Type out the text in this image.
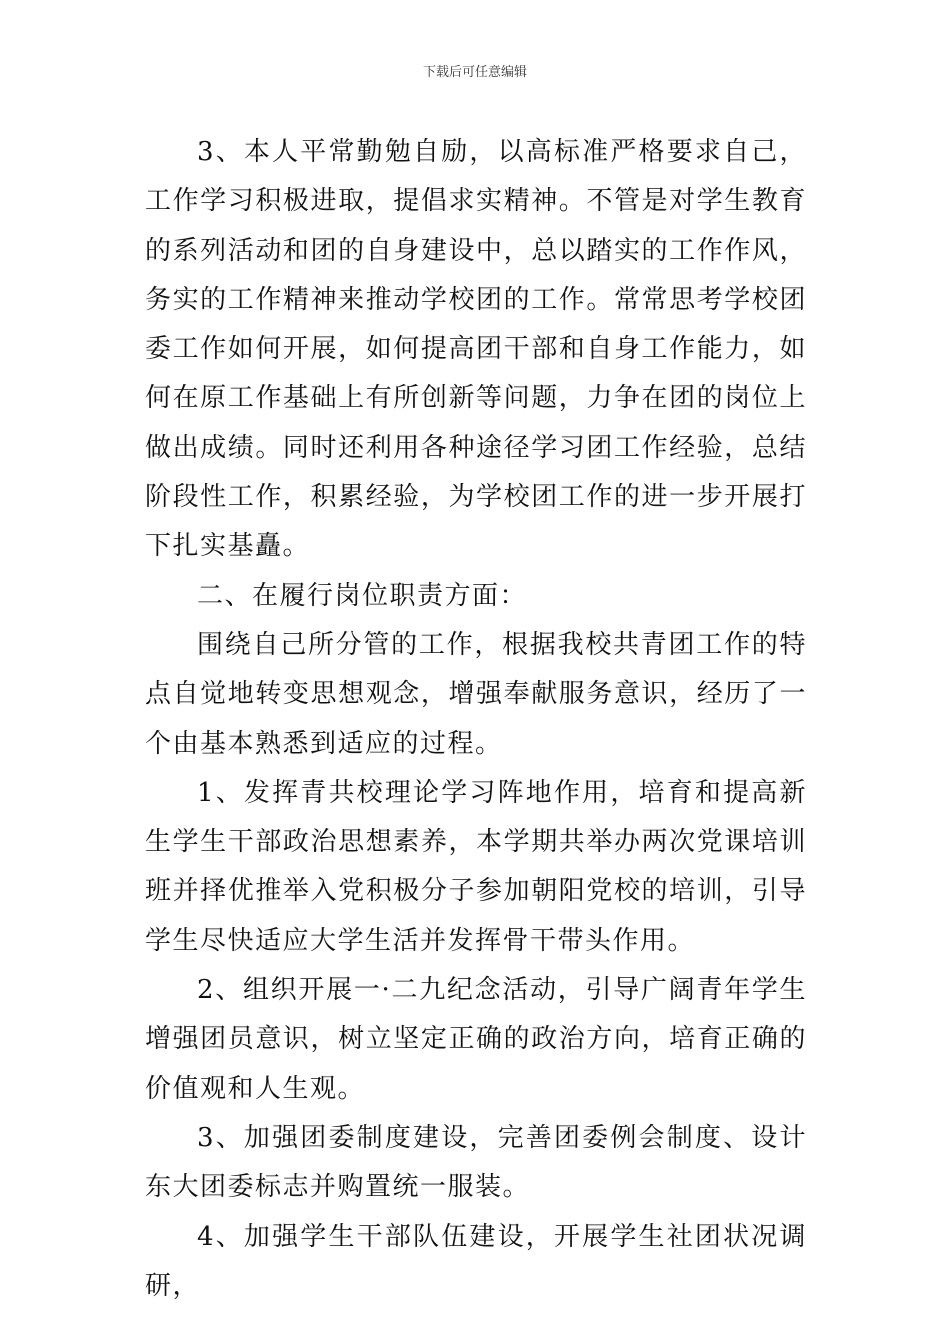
下载后可任意编辑

3、本人平常勤勉自励，以高标准严格要求自己，工作学习积极进取，提倡求实精神。不管是对学生教育的系列活动和团的自身建设中，总以踏实的工作作风，务实的工作精神来推动学校团的工作。常常思考学校团委工作如何开展，如何提高团干部和自身工作能力，如何在原工作基础上有所创新等问题，力争在团的岗位上做出成绩。同时还利用各种途径学习团工作经验，总结阶段性工作，积累经验，为学校团工作的进一步开展打下扎实基矗。

二、在履行岗位职责方面：

围绕自己所分管的工作，根据我校共青团工作的特点自觉地转变思想观念，增强奉献服务意识，经历了一个由基本熟悉到适应的过程。

1、发挥青共校理论学习阵地作用，培育和提高新生学生干部政治思想素养，本学期共举办两次党课培训班并择优推举入党积极分子参加朝阳党校的培训，引导学生尽快适应大学生活并发挥骨干带头作用。

2、组织开展一·二九纪念活动，引导广阔青年学生增强团员意识，树立坚定正确的政治方向，培育正确的价值观和人生观。

3、加强团委制度建设，完善团委例会制度、设计东大团委标志并购置统一服装。

4、加强学生干部队伍建设，开展学生社团状况调研，
